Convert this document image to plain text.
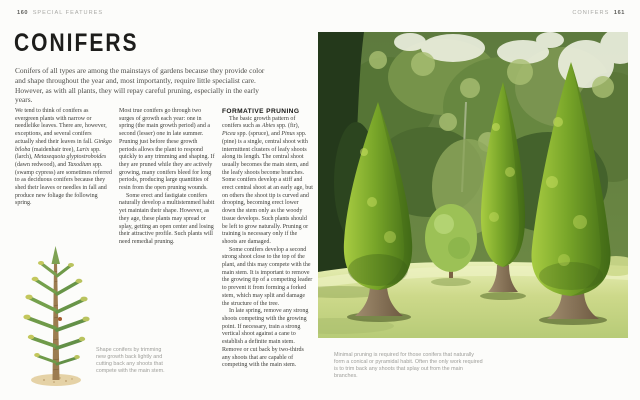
160 SPECIAL FEATURES	CONIFERS 161
CONIFERS
Conifers of all types are among the mainstays of gardens because they provide color and shape throughout the year and, most importantly, require little specialist care. However, as with all plants, they will repay careful pruning, especially in the early years.

We tend to think of conifers as evergreen plants with narrow or needlelike leaves. There are, however, exceptions, and several conifers actually shed their leaves in fall. Ginkgo biloba (maidenhair tree), Larix spp. (larch), Metasequoia glyptostroboides (dawn redwood), and Taxodium spp. (swamp cypress) are sometimes referred to as deciduous conifers because they shed their leaves or needles in fall and produce new foliage the following spring.

Most true conifers go through two surges of growth each year: one in spring (the main growth period) and a second (lesser) one in late summer. Pruning just before these growth periods allows the plant to respond quickly to any trimming and shaping. If they are pruned while they are actively growing, many conifers bleed for long periods, producing large quantities of resin from the open pruning wounds.

Some erect and fastigiate conifers naturally develop a multistemmed habit yet maintain their shape. However, as they age, these plants may spread or splay, getting an open center and losing their attractive profile. Such plants will need remedial pruning.

FORMATIVE PRUNING

The basic growth pattern of conifers such as Abies spp. (fir), Picea spp. (spruce), and Pinus spp. (pine) is a single, central shoot with intermittent clusters of leafy shoots along its length. The central shoot usually becomes the main stem, and the leafy shoots become branches. Some conifers develop a stiff and erect central shoot at an early age, but on others the shoot tip is curved and drooping, becoming erect lower down the stem only as the woody tissue develops. Such plants should be left to grow naturally. Pruning or training is necessary only if the shoots are damaged.

Some conifers develop a second strong shoot close to the top of the plant, and this may compete with the main stem. It is important to remove the growing tip of a competing leader to prevent it from forming a forked stem, which may split and damage the structure of the tree.

In late spring, remove any strong shoots competing with the growing point. If necessary, train a strong vertical shoot against a cane to establish a definite main stem. Remove or cut back by two-thirds any shoots that are capable of competing with the main stem.

Shape conifers by trimming new growth back lightly and cutting back any shoots that compete with the main stem.
Minimal pruning is required for those conifers that naturally form a conical or pyramidal habit. Often the only work required is to trim back any shoots that splay out from the main branches.
